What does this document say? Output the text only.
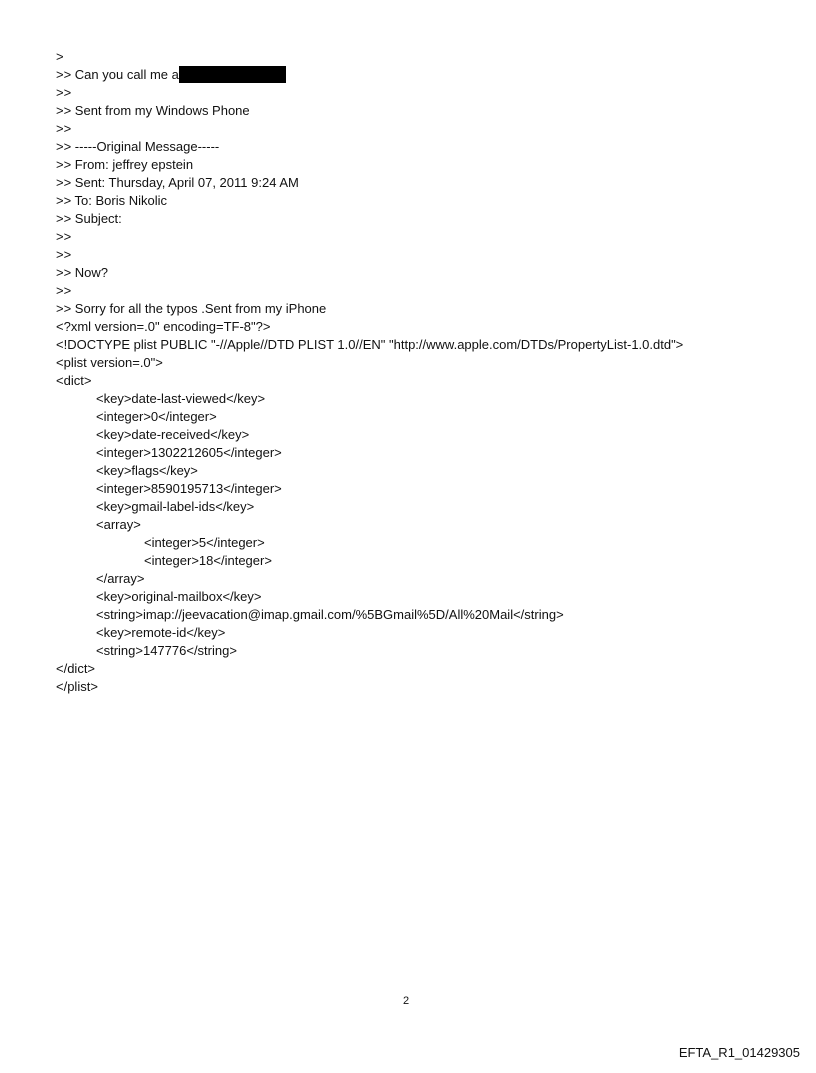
>
>> Can you call me a
>>
>> Sent from my Windows Phone
>>
>> -----Original Message-----
>> From: jeffrey epstein
>> Sent: Thursday, April 07, 2011 9:24 AM
>> To: Boris Nikolic
>> Subject:
>>
>>
>> Now?
>>
>> Sorry for all the typos .Sent from my iPhone
<?xml version=.0" encoding=TF-8"?>
<!DOCTYPE plist PUBLIC "-//Apple//DTD PLIST 1.0//EN" "http://www.apple.com/DTDs/PropertyList-1.0.dtd">
<plist version=.0">
<dict>
<key>date-last-viewed</key>
<integer>0</integer>
<key>date-received</key>
<integer>1302212605</integer>
<key>flags</key>
<integer>8590195713</integer>
<key>gmail-label-ids</key>
<array>
<integer>5</integer>
<integer>18</integer>
</array>
<key>original-mailbox</key>
<string>imap://jeevacation@imap.gmail.com/%5BGmail%5D/All%20Mail</string>
<key>remote-id</key>
<string>147776</string>
</dict>
</plist>
2
EFTA_R1_01429305
